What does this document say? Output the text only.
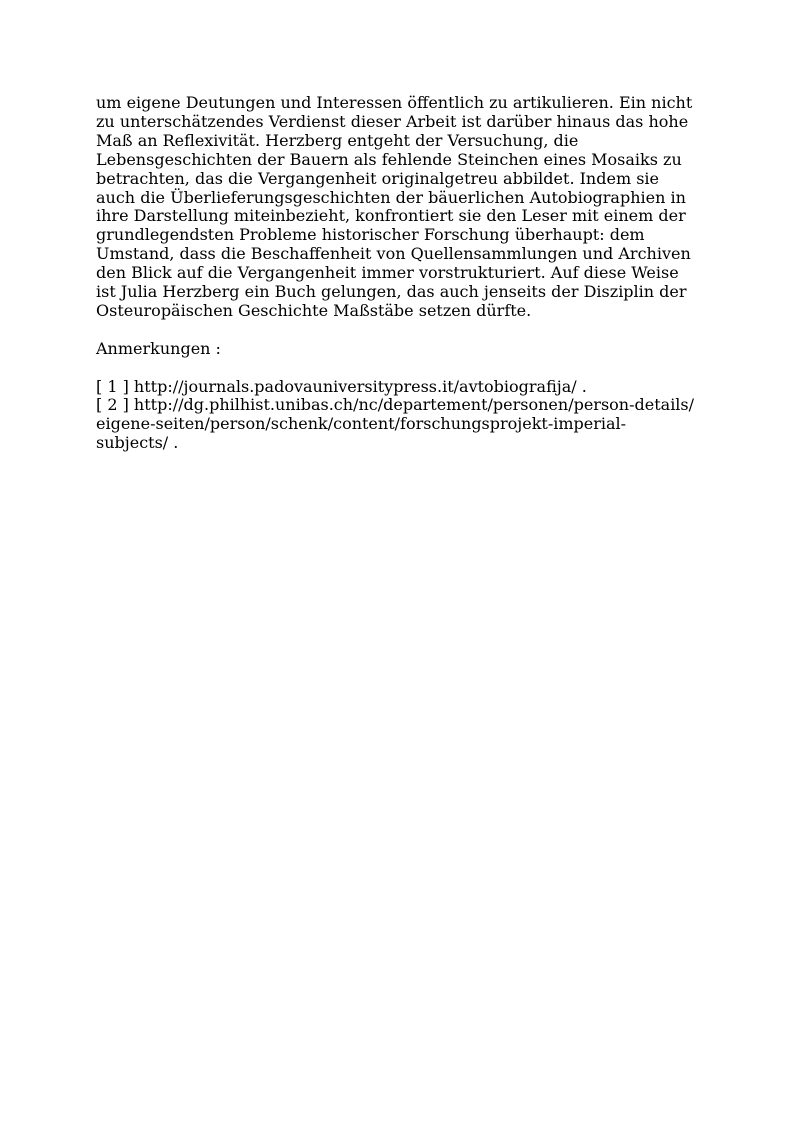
um eigene Deutungen und Interessen öffentlich zu artikulieren. Ein nicht
zu unterschätzendes Verdienst dieser Arbeit ist darüber hinaus das hohe
Maß an Reflexivität. Herzberg entgeht der Versuchung, die
Lebensgeschichten der Bauern als fehlende Steinchen eines Mosaiks zu
betrachten, das die Vergangenheit originalgetreu abbildet. Indem sie
auch die Überlieferungsgeschichten der bäuerlichen Autobiographien in
ihre Darstellung miteinbezieht, konfrontiert sie den Leser mit einem der
grundlegendsten Probleme historischer Forschung überhaupt: dem
Umstand, dass die Beschaffenheit von Quellensammlungen und Archiven
den Blick auf die Vergangenheit immer vorstrukturiert. Auf diese Weise
ist Julia Herzberg ein Buch gelungen, das auch jenseits der Disziplin der
Osteuropäischen Geschichte Maßstäbe setzen dürfte.
Anmerkungen :
[ 1 ] http://journals.padovauniversitypress.it/avtobiografija/ .
[ 2 ] http://dg.philhist.unibas.ch/nc/departement/personen/person-details/
eigene-seiten/person/schenk/content/forschungsprojekt-imperial-
subjects/ .
